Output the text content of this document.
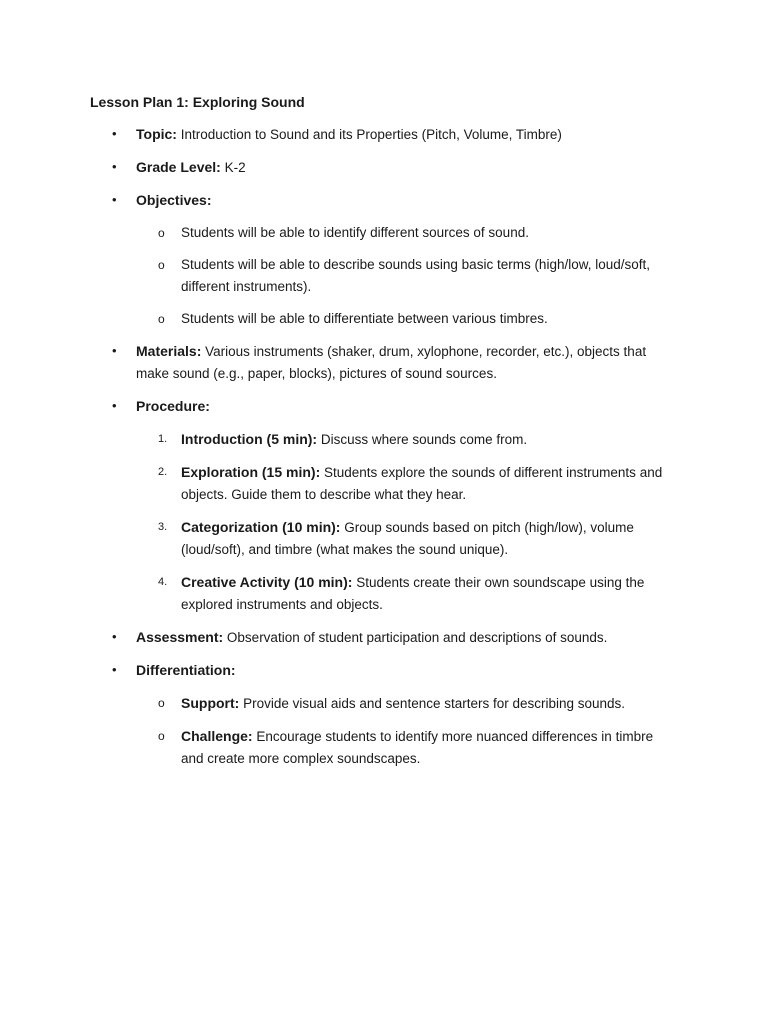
Lesson Plan 1: Exploring Sound

• Topic: Introduction to Sound and its Properties (Pitch, Volume, Timbre)
• Grade Level: K-2
• Objectives:
o Students will be able to identify different sources of sound.
o Students will be able to describe sounds using basic terms (high/low, loud/soft, different instruments).
o Students will be able to differentiate between various timbres.
• Materials: Various instruments (shaker, drum, xylophone, recorder, etc.), objects that make sound (e.g., paper, blocks), pictures of sound sources.
• Procedure:
1. Introduction (5 min): Discuss where sounds come from.
2. Exploration (15 min): Students explore the sounds of different instruments and objects. Guide them to describe what they hear.
3. Categorization (10 min): Group sounds based on pitch (high/low), volume (loud/soft), and timbre (what makes the sound unique).
4. Creative Activity (10 min): Students create their own soundscape using the explored instruments and objects.
• Assessment: Observation of student participation and descriptions of sounds.
• Differentiation:
o Support: Provide visual aids and sentence starters for describing sounds.
o Challenge: Encourage students to identify more nuanced differences in timbre and create more complex soundscapes.
